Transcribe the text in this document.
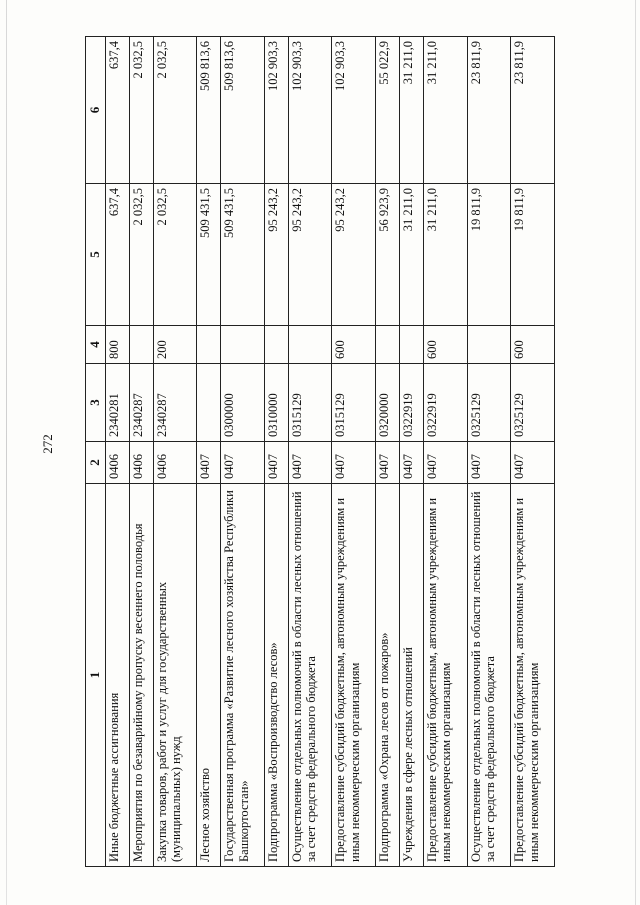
272
1	2	3	4	5	6
Иные бюджетные ассигнования	0406	2340281	800	637,4	637,4
Мероприятия по безаварийному пропуску весеннего половодья	0406	2340287		2 032,5	2 032,5
Закупка товаров, работ и услуг для государственных (муниципальных) нужд	0406	2340287	200	2 032,5	2 032,5
Лесное хозяйство	0407			509 431,5	509 813,6
Государственная программа «Развитие лесного хозяйства Республики Башкортостан»	0407	0300000		509 431,5	509 813,6
Подпрограмма «Воспроизводство лесов»	0407	0310000		95 243,2	102 903,3
Осуществление отдельных полномочий в области лесных отношений за счет средств федерального бюджета	0407	0315129		95 243,2	102 903,3
Предоставление субсидий бюджетным, автономным учреждениям и иным некоммерческим организациям	0407	0315129	600	95 243,2	102 903,3
Подпрограмма «Охрана лесов от пожаров»	0407	0320000		56 923,9	55 022,9
Учреждения в сфере лесных отношений	0407	0322919		31 211,0	31 211,0
Предоставление субсидий бюджетным, автономным учреждениям и иным некоммерческим организациям	0407	0322919	600	31 211,0	31 211,0
Осуществление отдельных полномочий в области лесных отношений за счет средств федерального бюджета	0407	0325129		19 811,9	23 811,9
Предоставление субсидий бюджетным, автономным учреждениям и иным некоммерческим организациям	0407	0325129	600	19 811,9	23 811,9
